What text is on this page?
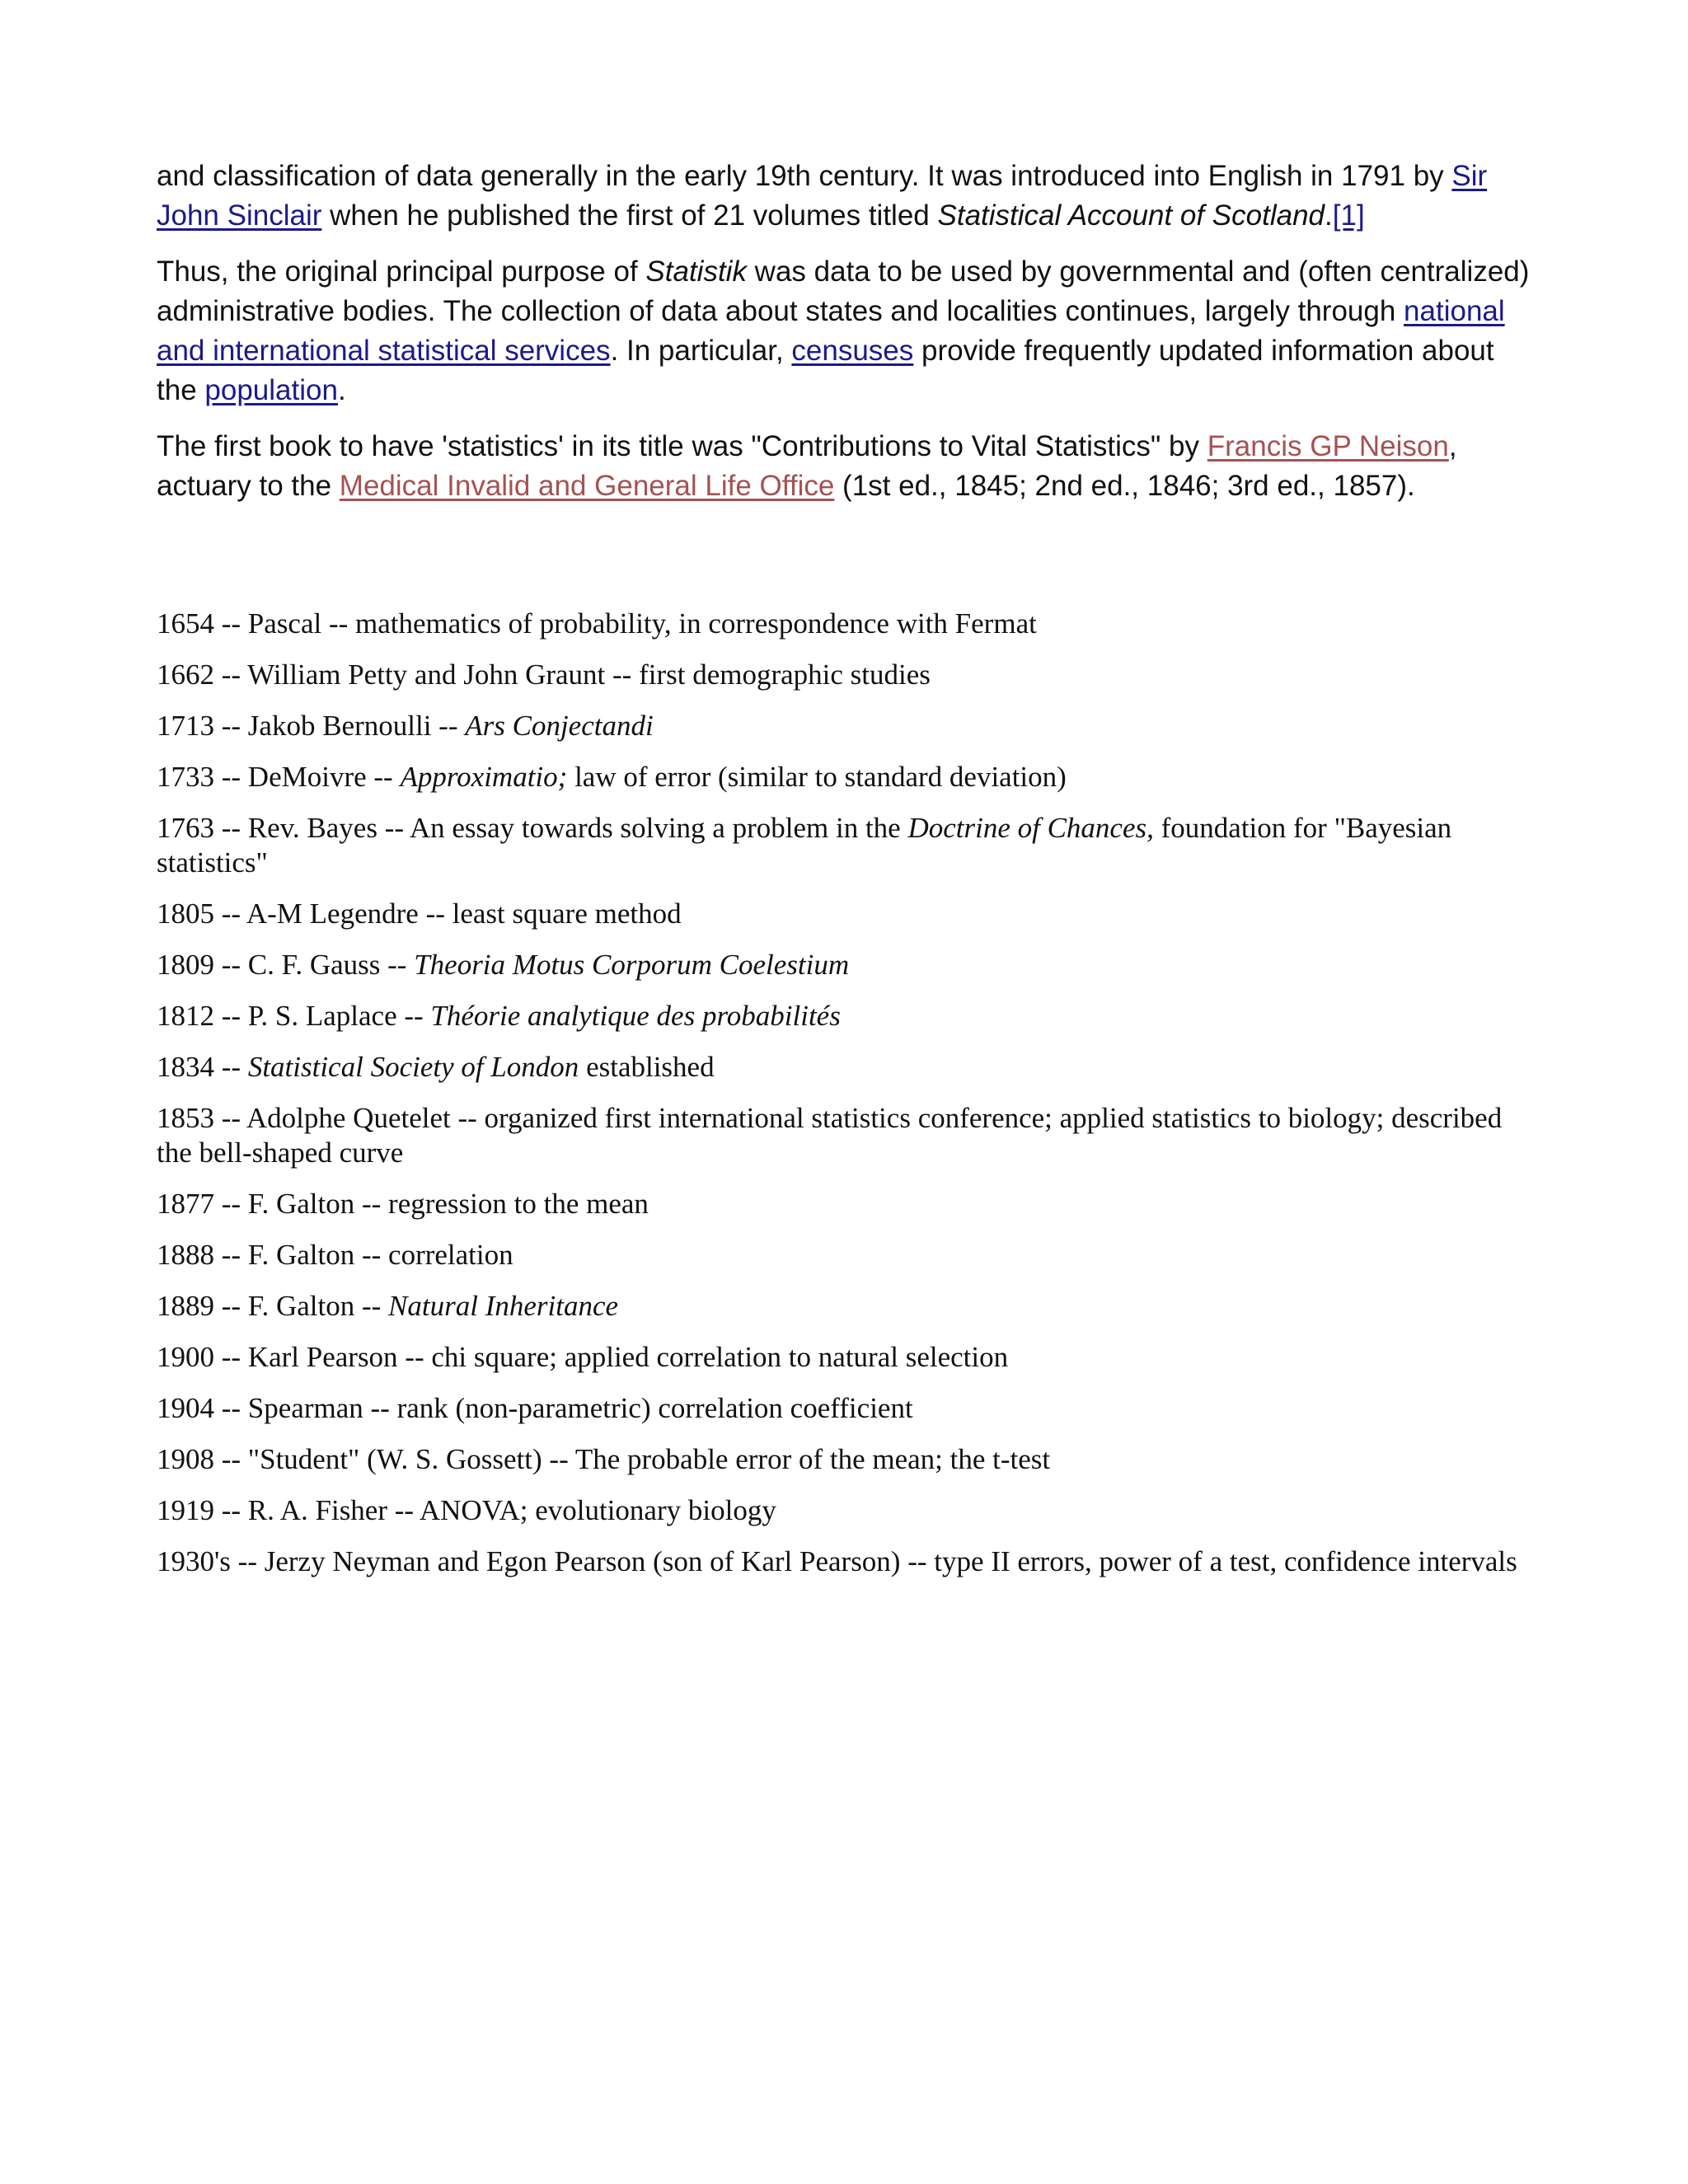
and classification of data generally in the early 19th century. It was introduced into English in 1791 by Sir John Sinclair when he published the first of 21 volumes titled Statistical Account of Scotland.[1]

Thus, the original principal purpose of Statistik was data to be used by governmental and (often centralized) administrative bodies. The collection of data about states and localities continues, largely through national and international statistical services. In particular, censuses provide frequently updated information about the population.

The first book to have 'statistics' in its title was "Contributions to Vital Statistics" by Francis GP Neison, actuary to the Medical Invalid and General Life Office (1st ed., 1845; 2nd ed., 1846; 3rd ed., 1857).

1654 -- Pascal -- mathematics of probability, in correspondence with Fermat

1662 -- William Petty and John Graunt -- first demographic studies

1713 -- Jakob Bernoulli -- Ars Conjectandi

1733 -- DeMoivre -- Approximatio; law of error (similar to standard deviation)

1763 -- Rev. Bayes -- An essay towards solving a problem in the Doctrine of Chances, foundation for "Bayesian statistics"

1805 -- A-M Legendre -- least square method

1809 -- C. F. Gauss -- Theoria Motus Corporum Coelestium

1812 -- P. S. Laplace -- Théorie analytique des probabilités

1834 -- Statistical Society of London established

1853 -- Adolphe Quetelet -- organized first international statistics conference; applied statistics to biology; described the bell-shaped curve

1877 -- F. Galton -- regression to the mean

1888 -- F. Galton -- correlation

1889 -- F. Galton -- Natural Inheritance

1900 -- Karl Pearson -- chi square; applied correlation to natural selection

1904 -- Spearman -- rank (non-parametric) correlation coefficient

1908 -- "Student" (W. S. Gossett) -- The probable error of the mean; the t-test

1919 -- R. A. Fisher -- ANOVA; evolutionary biology

1930's -- Jerzy Neyman and Egon Pearson (son of Karl Pearson) -- type II errors, power of a test, confidence intervals
